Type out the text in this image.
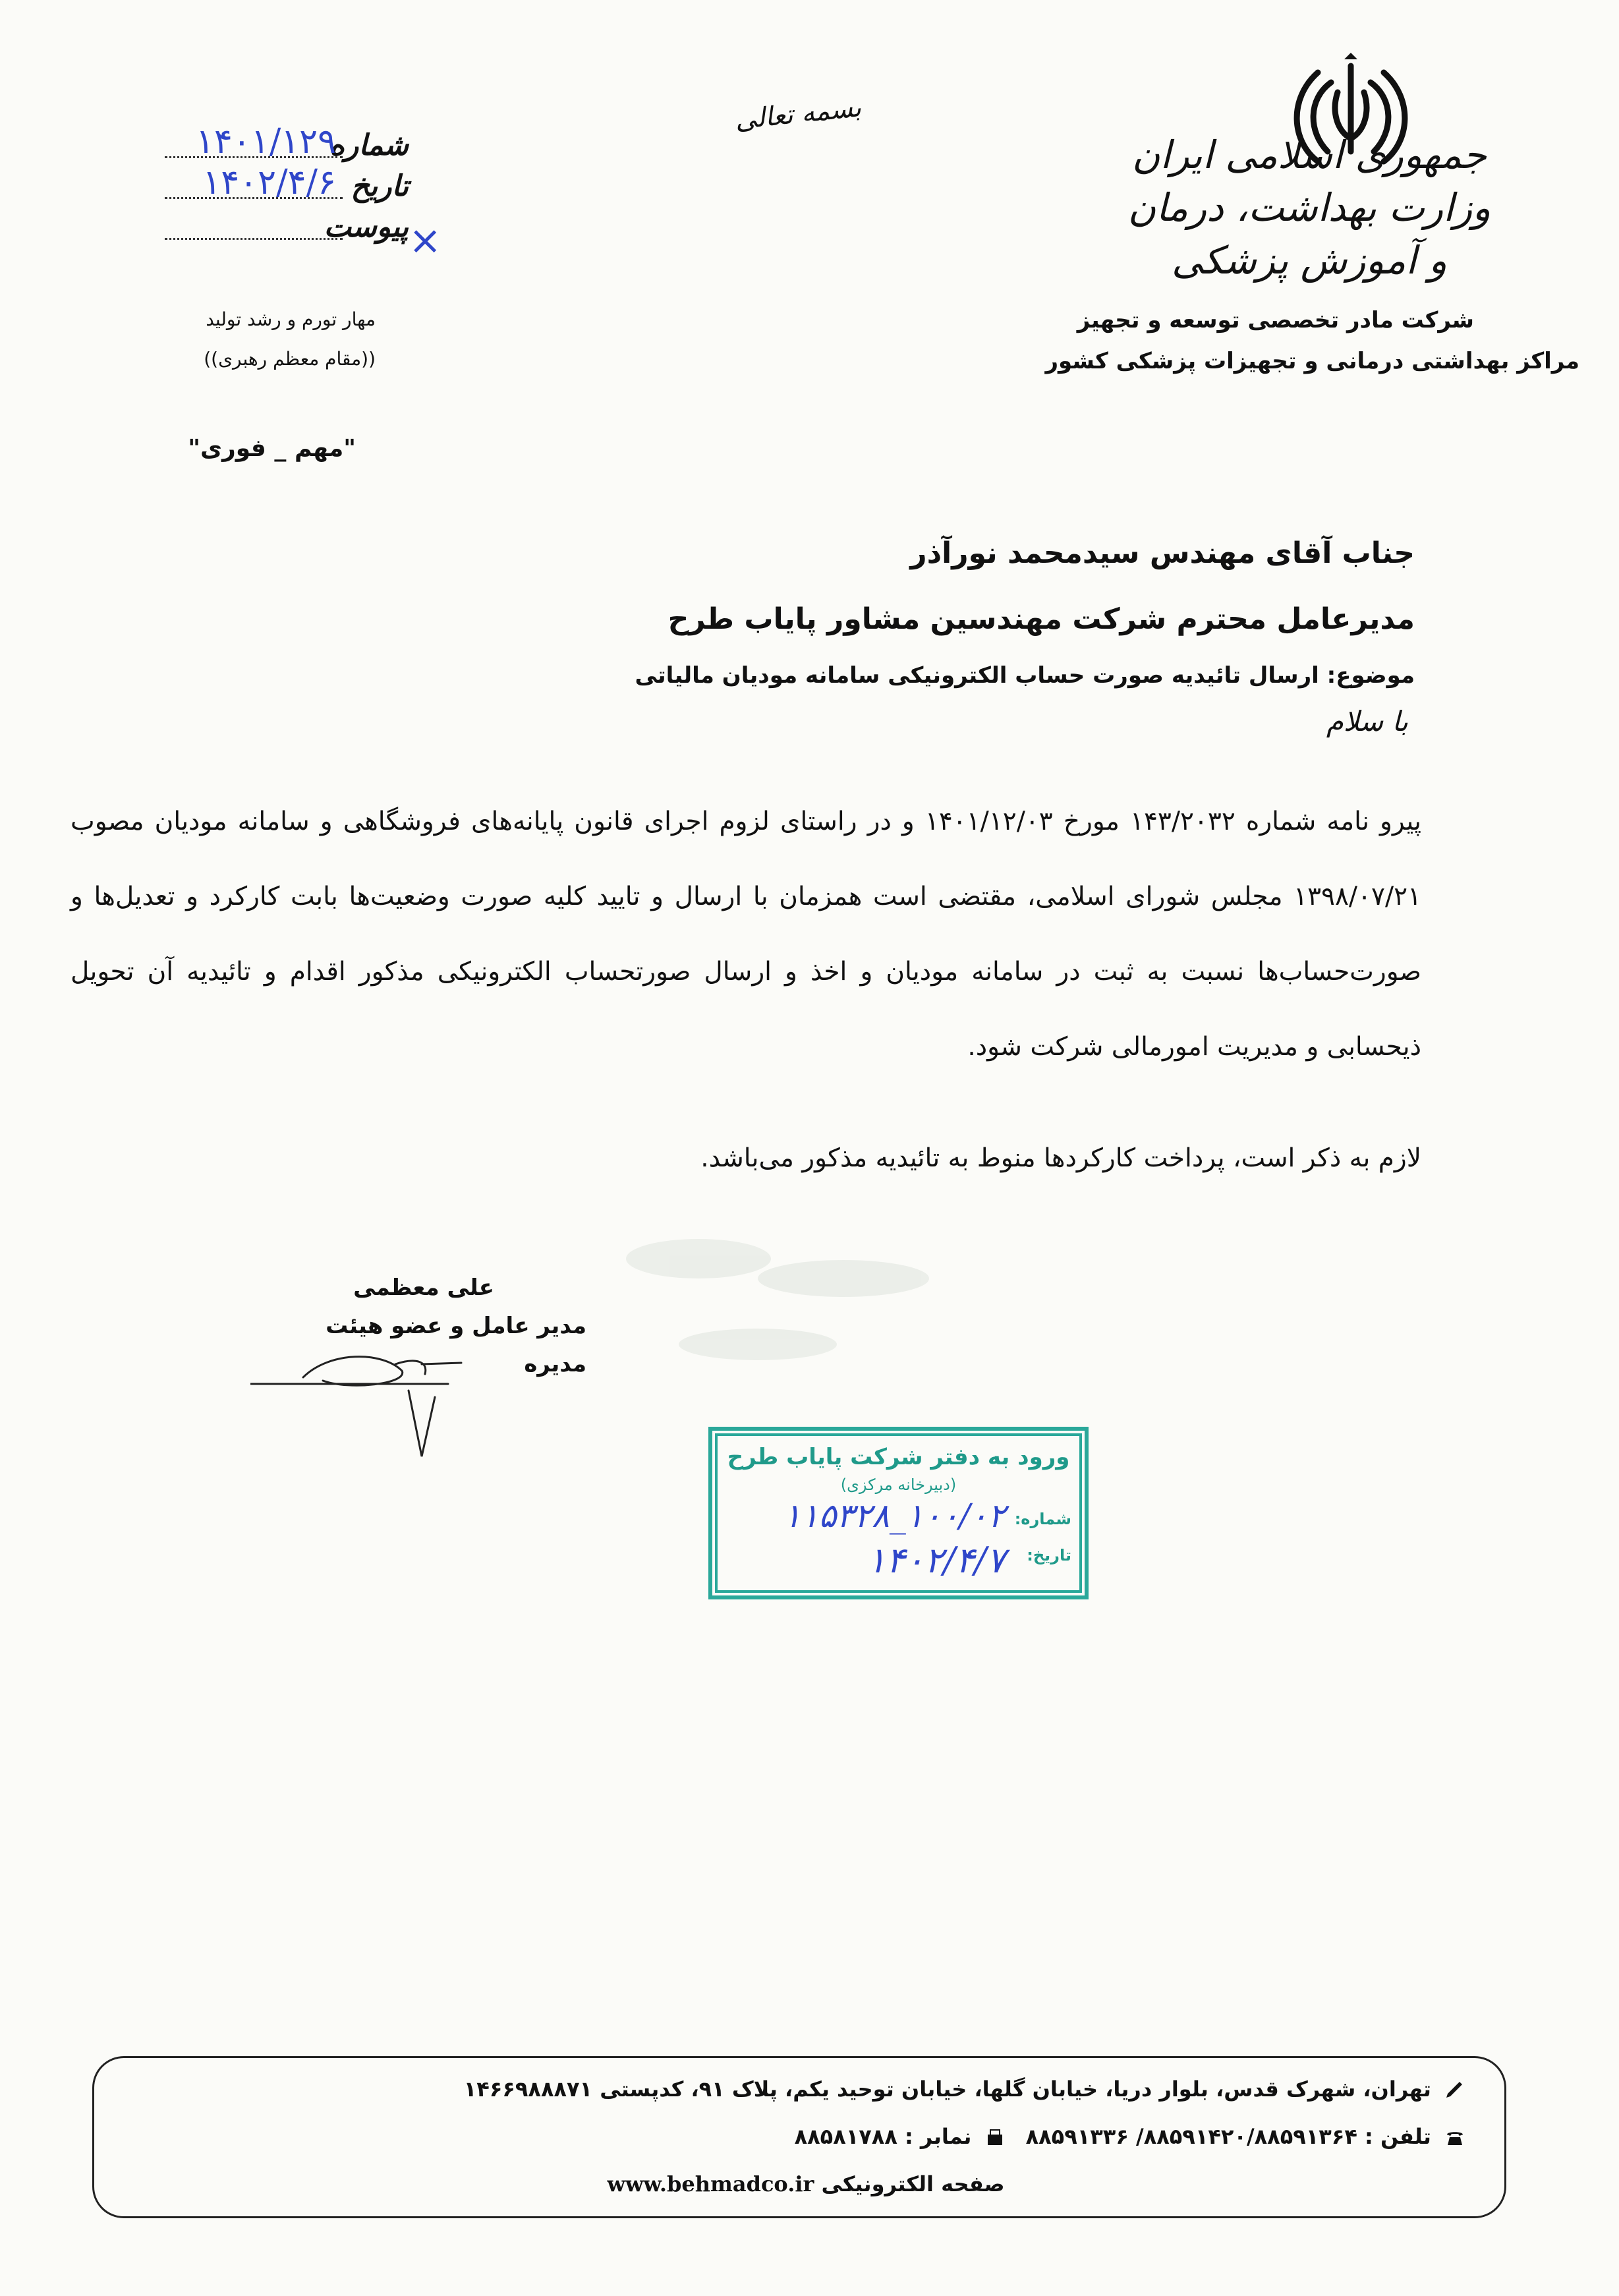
جمهوری اسلامی ایران
وزارت بهداشت، درمان و آموزش پزشکی
شرکت مادر تخصصی توسعه و تجهیز
مراکز بهداشتی درمانی و تجهیزات پزشکی کشور
بسمه تعالی
شماره
۱۴۰۱/۱۲۹
تاریخ
۱۴۰۲/۴/۶
پیوست ×
مهار تورم و رشد تولید
((مقام معظم رهبری))
"مهم _ فوری"
جناب آقای مهندس سیدمحمد نورآذر
مدیرعامل محترم شرکت مهندسین مشاور پایاب طرح
موضوع: ارسال تائیدیه صورت حساب الکترونیکی سامانه مودیان مالیاتی
با سلام
پیرو نامه شماره ۱۴۳/۲۰۳۲ مورخ ۱۴۰۱/۱۲/۰۳ و در راستای لزوم اجرای قانون پایانه‌های فروشگاهی و سامانه مودیان مصوب ۱۳۹۸/۰۷/۲۱ مجلس شورای اسلامی، مقتضی است همزمان با ارسال و تایید کلیه صورت وضعیت‌ها بابت کارکرد و تعدیل‌ها و صورت‌حساب‌ها نسبت به ثبت در سامانه مودیان و اخذ و ارسال صورتحساب الکترونیکی مذکور اقدام و تائیدیه آن تحویل ذیحسابی و مدیریت امورمالی شرکت شود.
لازم به ذکر است، پرداخت کارکردها منوط به تائیدیه مذکور می‌باشد.
علی معظمی
مدیر عامل و عضو هیئت مدیره
ورود به دفتر شرکت پایاب طرح
(دبیرخانه مرکزی)
شماره:
۱۰۰/۰۲_۱۱۵۳۲۸
تاریخ:
۱۴۰۲/۴/۷
تهران، شهرک قدس، بلوار دریا، خیابان گلها، خیابان توحید یکم، پلاک ۹۱، کدپستی ۱۴۶۶۹۸۸۸۷۱
تلفن : ۸۸۵۹۱۴۲۰/۸۸۵۹۱۳۶۴/ ۸۸۵۹۱۳۳۶  نمابر : ۸۸۵۸۱۷۸۸
صفحه الکترونیکی www.behmadco.ir
